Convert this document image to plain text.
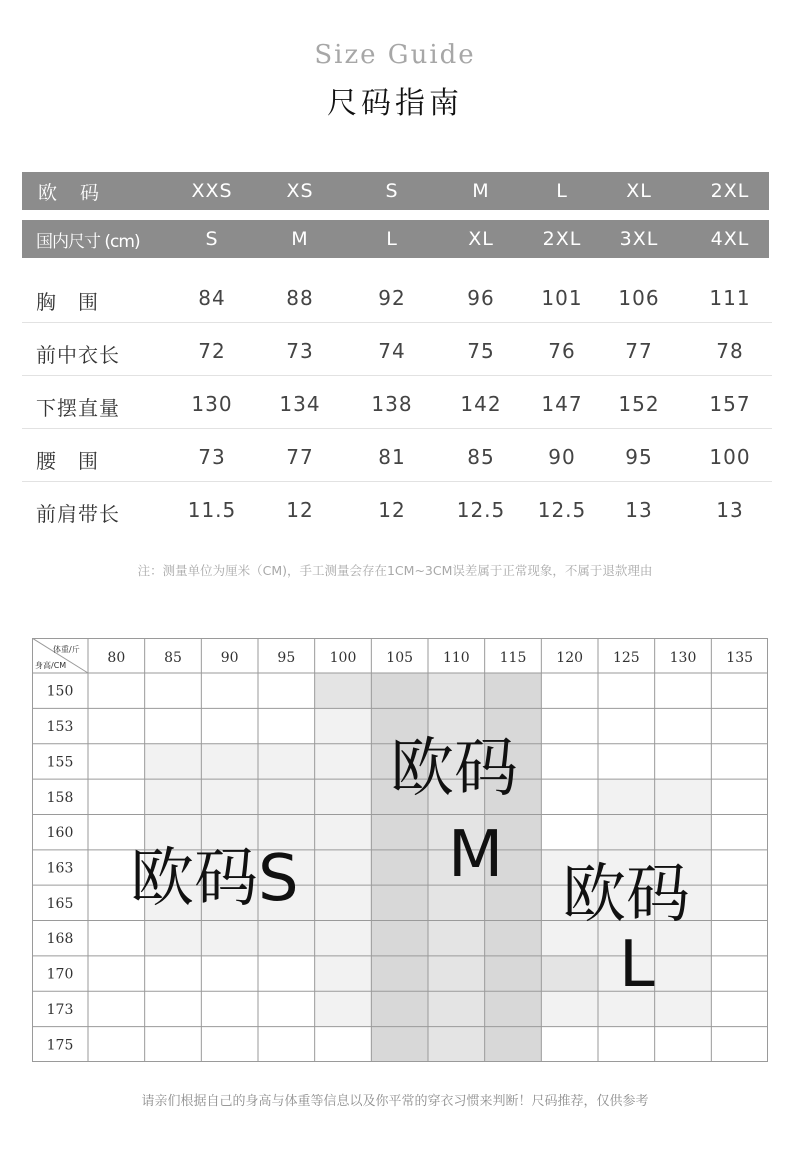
Size Guide
尺码指南
欧　码	XXS	XS	S	M	L	XL	2XL
国内尺寸 (cm)	S	M	L	XL	2XL 3XL	4XL
胸　围	84	88	92	96 101 106 111
前中衣长	72	73	74	75	76 77	78
下摆直量	130 134	138 142 147 152 157
腰　围	73	77	81	85	90 95	100
前肩带长	11.5	12	12	12.5 12.5 13	13
注：测量单位为厘米（CM)，手工测量会存在1CM~3CM误差属于正常现象，不属于退款理由
体重/斤
身高/CM	80	85	90	95 100 105 110 115 120 125 130 135
150
153
155
158
160
163
165
168
170
173
175
欧码S
欧码
M
欧码
L
请亲们根据自己的身高与体重等信息以及你平常的穿衣习惯来判断！尺码推荐，仅供参考
